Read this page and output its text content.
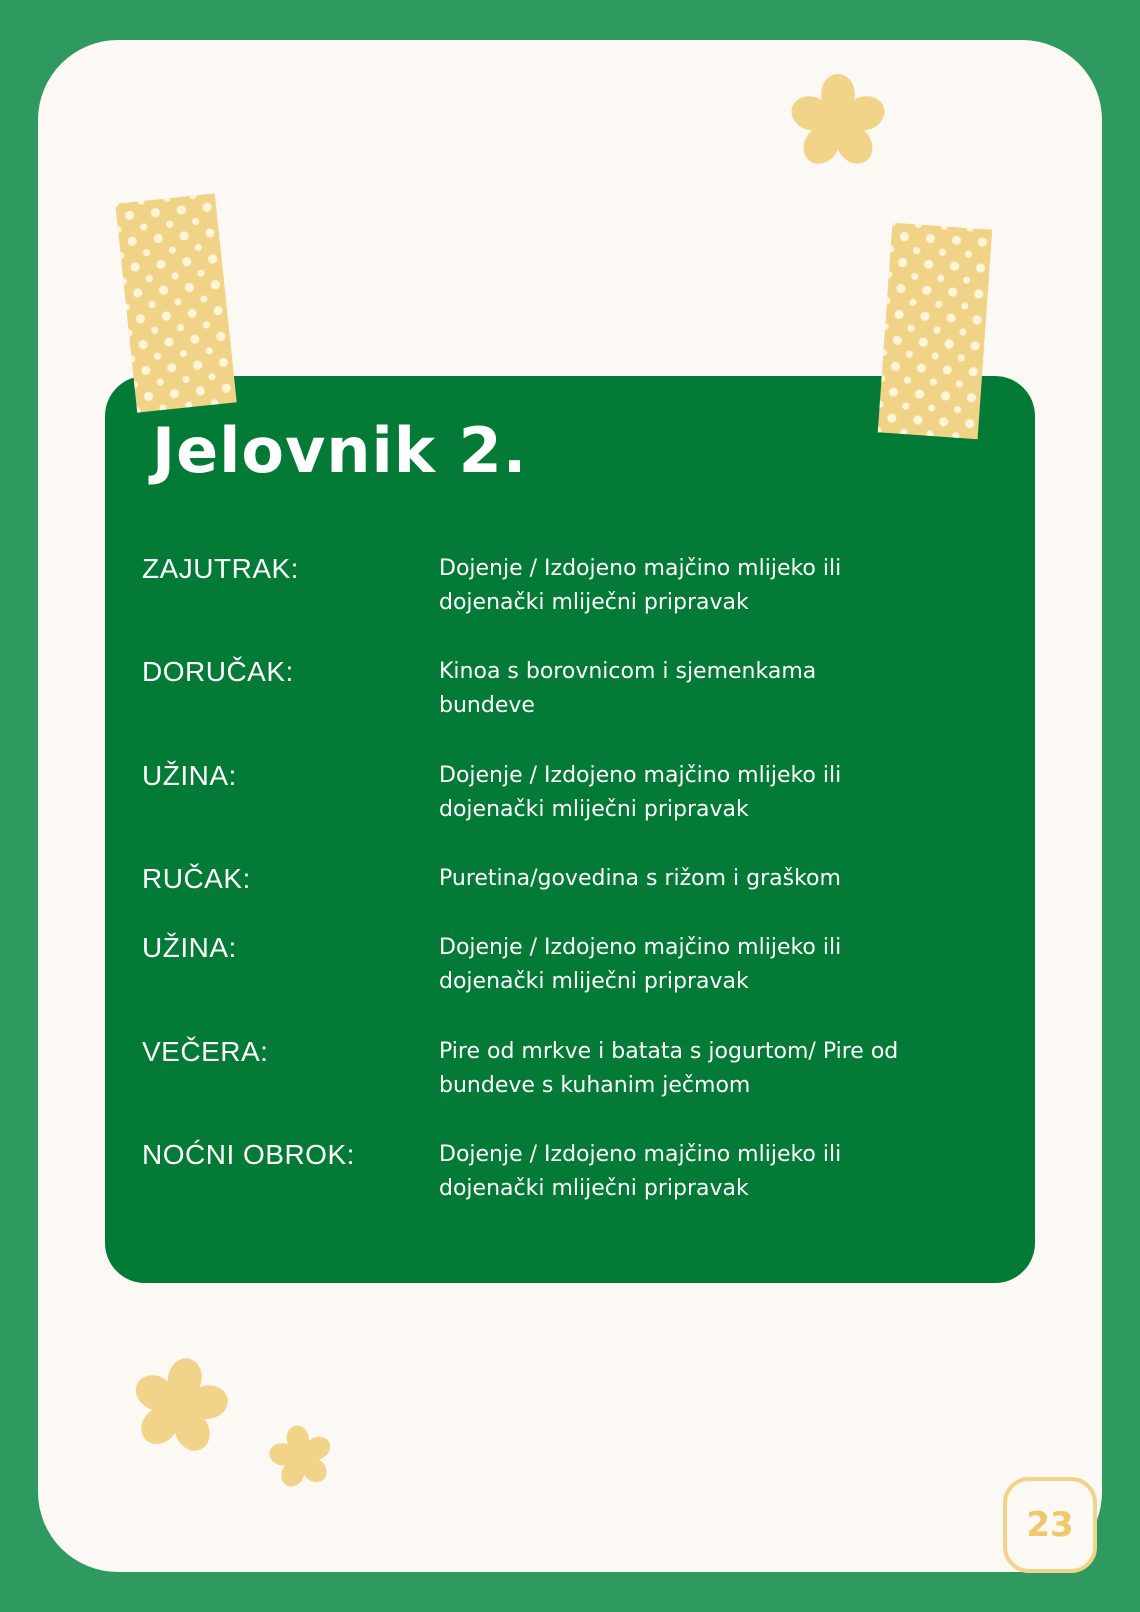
Jelovnik 2.
ZAJUTRAK:	Dojenje / Izdojeno majčino mlijeko ili dojenački mliječni pripravak
DORUČAK:	Kinoa s borovnicom i sjemenkama bundeve
UŽINA:	Dojenje / Izdojeno majčino mlijeko ili dojenački mliječni pripravak
RUČAK:	Puretina/govedina s rižom i graškom
UŽINA:	Dojenje / Izdojeno majčino mlijeko ili dojenački mliječni pripravak
VEČERA:	Pire od mrkve i batata s jogurtom/ Pire od bundeve s kuhanim ječmom
NOĆNI OBROK:	Dojenje / Izdojeno majčino mlijeko ili dojenački mliječni pripravak
23
